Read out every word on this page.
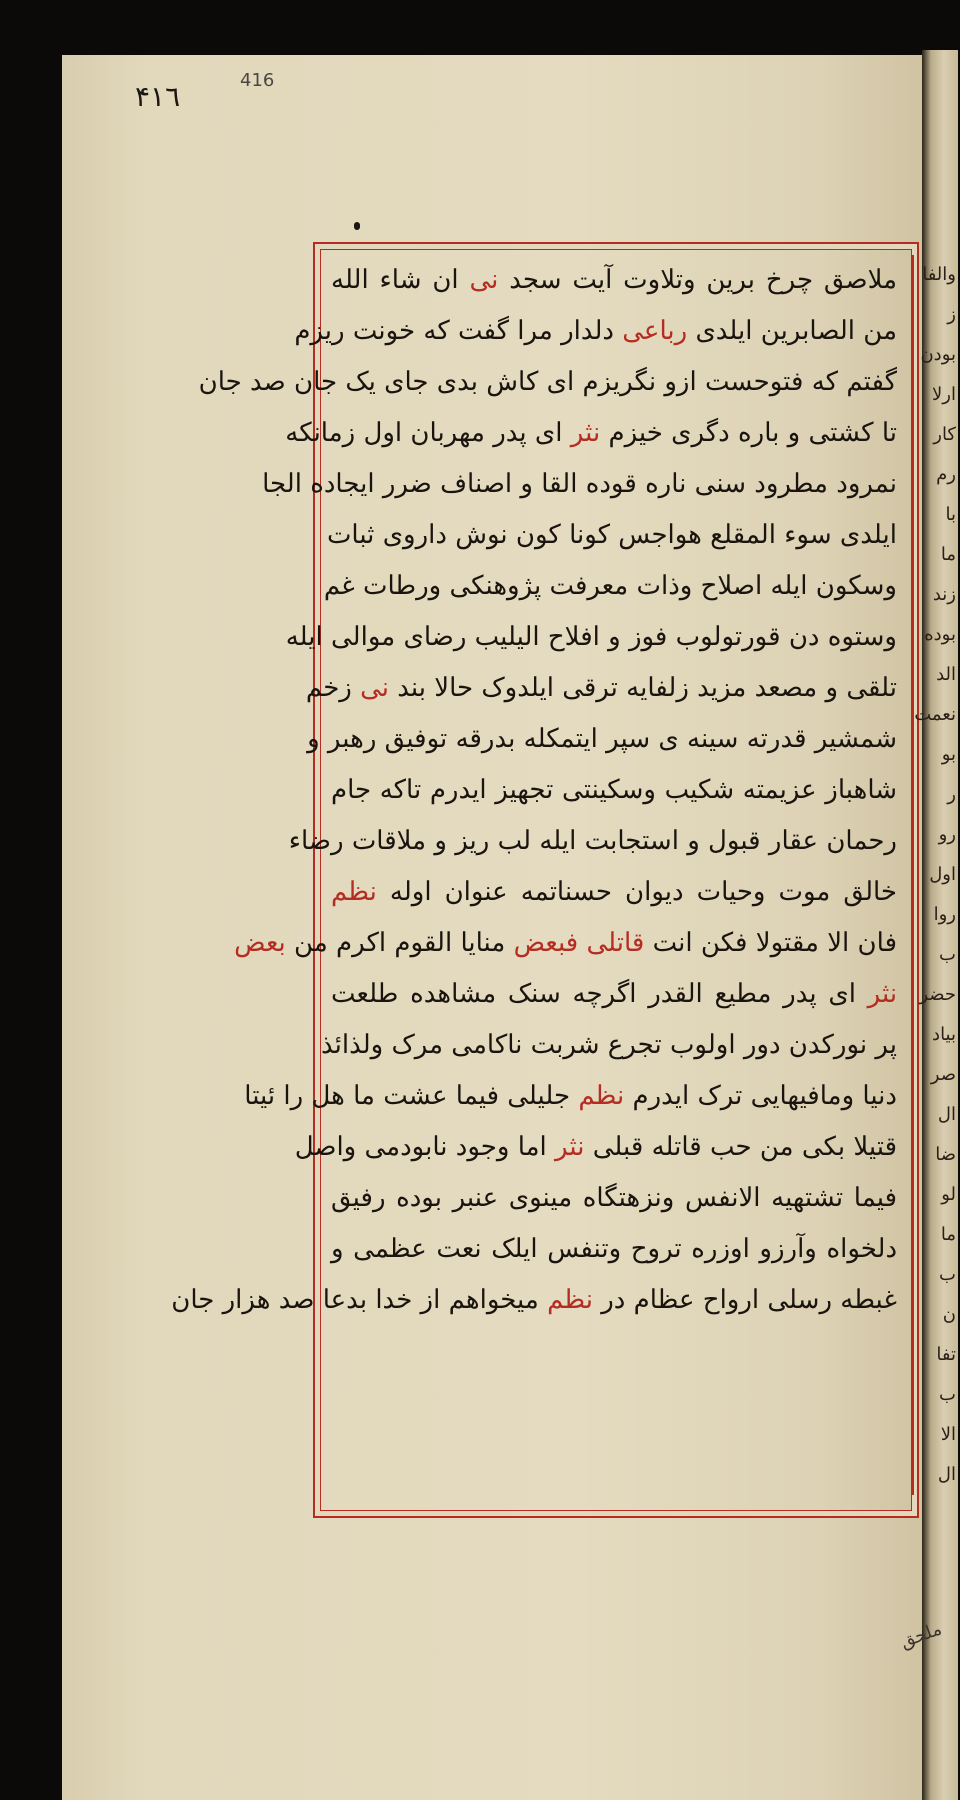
۴١٦	416
ملاصق چرخ برین وتلاوت آیت سجد نی ان شاء الله
من الصابرین ایلدی رباعی دلدار مرا گفت که خونت ریزم
گفتم که فتوحست ازو نگریزم ای کاش بدی جای یک جان صد جان
تا کشتی و باره دگری خیزم نثر ای پدر مهربان اول زمانکه
نمرود مطرود سنی ناره قوده القا و اصناف ضرر ایجاده الجا
ایلدی سوء المقلع هواجس کونا کون نوش داروی ثبات
وسکون ایله اصلاح وذات معرفت پژوهنکی ورطات غم
وستوه دن قورتولوب فوز و افلاح الیلیب رضای موالی ایله
تلقی و مصعد مزید زلفایه ترقی ایلدوک حالا بند نی زخم
شمشیر قدرته سینه ی سپر ایتمکله بدرقه توفیق رهبر و
شاهباز عزیمته شکیب وسکینتی تجهیز ایدرم تاکه جام
رحمان عقار قبول و استجابت ایله لب ریز و ملاقات رضاء
خالق موت وحیات دیوان حسناتمه عنوان اوله نظم
فان الا مقتولا فکن انت قاتلی فبعض منایا القوم اکرم من بعض
نثر ای پدر مطیع القدر اگرچه سنک مشاهده طلعت
پر نورکدن دور اولوب تجرع شربت ناکامی مرک ولذائذ
دنیا ومافیهایی ترک ایدرم نظم جلیلی فیما عشت ما هل را ئیتا
قتیلا بکی من حب قاتله قبلی نثر اما وجود نابودمی واصل
فیما تشتهیه الانفس ونزهتگاه مینوی عنبر بوده رفیق
دلخواه وآرزو اوزره تروح وتنفس ایلک نعت عظمی و
غبطه رسلی ارواح عظام در نظم میخواهم از خدا بدعا صد هزار جان
والفا
ز
بودن
ارلا
کار
رم
با
ما
زند
بوده
الد
نعمت
بو
ر
رو
اول
روا
ب
حضر
بیاد
صر
ال
ضا
لو
ما
ب
ن
تفا
ب
الا
ال
ملحق
